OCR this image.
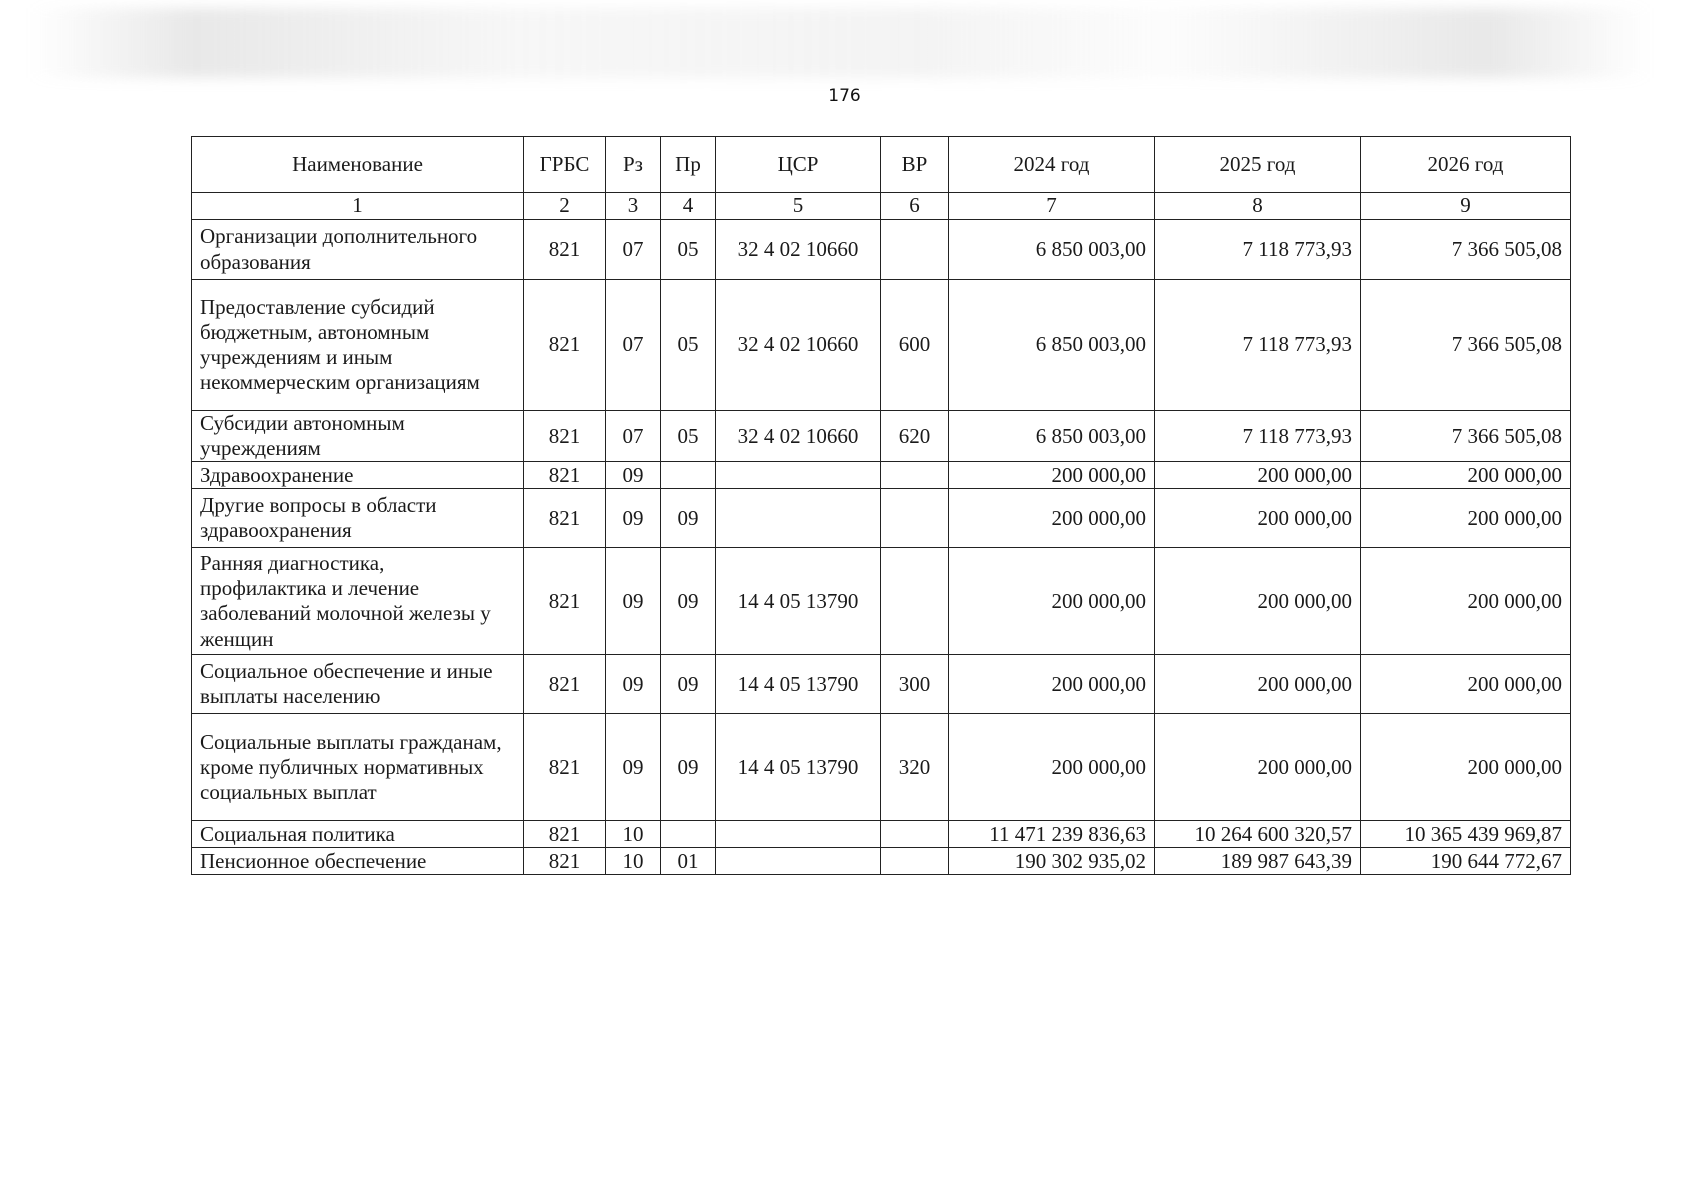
176
Наименование	ГРБС	Рз	Пр	ЦСР	ВР	2024 год	2025 год	2026 год
1	2	3	4	5	6	7	8	9
Организации дополнительного образования	821	07	05	32 4 02 10660		6 850 003,00	7 118 773,93	7 366 505,08
Предоставление субсидий бюджетным, автономным учреждениям и иным некоммерческим организациям	821	07	05	32 4 02 10660	600	6 850 003,00	7 118 773,93	7 366 505,08
Субсидии автономным учреждениям	821	07	05	32 4 02 10660	620	6 850 003,00	7 118 773,93	7 366 505,08
Здравоохранение	821	09				200 000,00	200 000,00	200 000,00
Другие вопросы в области здравоохранения	821	09	09			200 000,00	200 000,00	200 000,00
Ранняя диагностика, профилактика и лечение заболеваний молочной железы у женщин	821	09	09	14 4 05 13790		200 000,00	200 000,00	200 000,00
Социальное обеспечение и иные выплаты населению	821	09	09	14 4 05 13790	300	200 000,00	200 000,00	200 000,00
Социальные выплаты гражданам, кроме публичных нормативных социальных выплат	821	09	09	14 4 05 13790	320	200 000,00	200 000,00	200 000,00
Социальная политика	821	10				11 471 239 836,63	10 264 600 320,57	10 365 439 969,87
Пенсионное обеспечение	821	10	01			190 302 935,02	189 987 643,39	190 644 772,67
